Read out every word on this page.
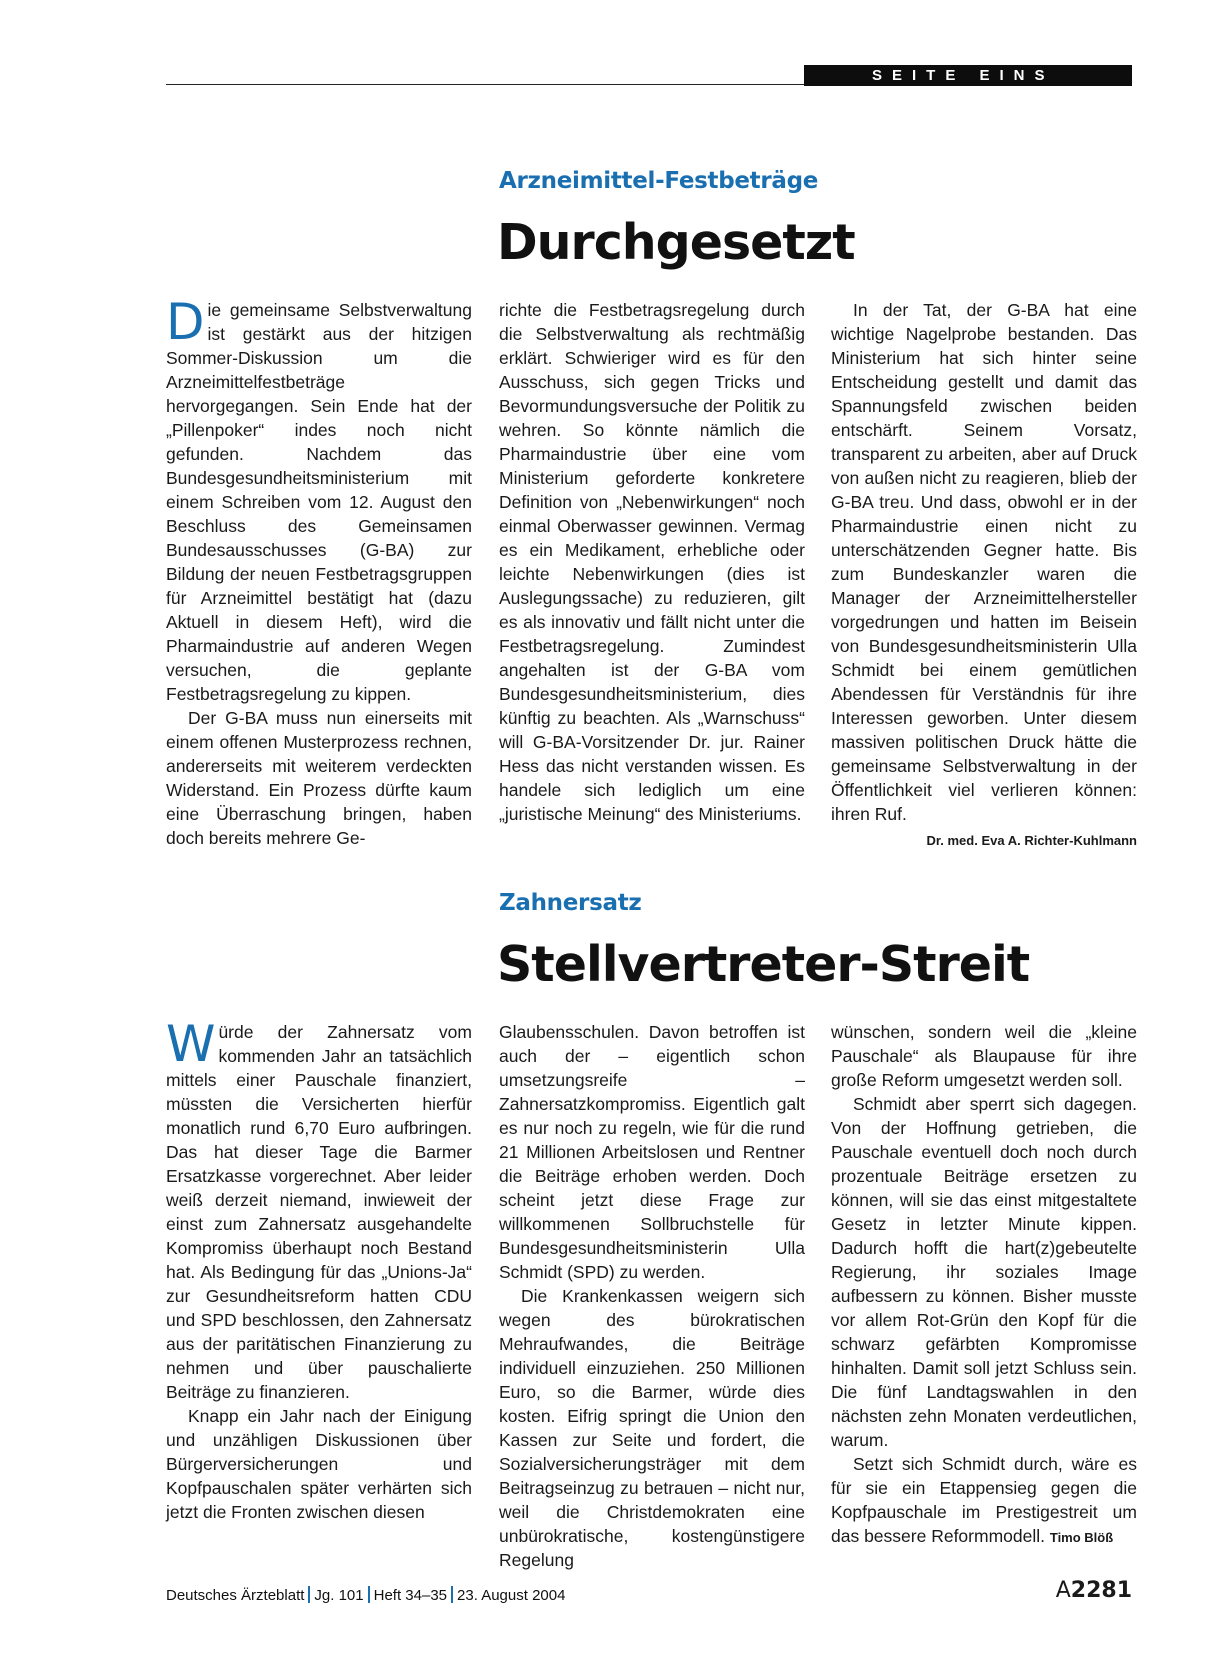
SEITE EINS
Arzneimittel-Festbeträge
Durchgesetzt

Die gemeinsame Selbstverwaltung ist gestärkt aus der hitzigen Sommer-Diskussion um die Arzneimittelfestbeträge hervorgegangen. Sein Ende hat der „Pillenpoker“ indes noch nicht gefunden. Nachdem das Bundesgesundheitsministerium mit einem Schreiben vom 12. August den Beschluss des Gemeinsamen Bundesausschusses (G-BA) zur Bildung der neuen Festbetragsgruppen für Arzneimittel bestätigt hat (dazu Aktuell in diesem Heft), wird die Pharmaindustrie auf anderen Wegen versuchen, die geplante Festbetragsregelung zu kippen.

Der G-BA muss nun einerseits mit einem offenen Musterprozess rechnen, andererseits mit weiterem verdeckten Widerstand. Ein Prozess dürfte kaum eine Überraschung bringen, haben doch bereits mehrere Ge-

richte die Festbetragsregelung durch die Selbstverwaltung als rechtmäßig erklärt. Schwieriger wird es für den Ausschuss, sich gegen Tricks und Bevormundungsversuche der Politik zu wehren. So könnte nämlich die Pharmaindustrie über eine vom Ministerium geforderte konkretere Definition von „Nebenwirkungen“ noch einmal Oberwasser gewinnen. Vermag es ein Medikament, erhebliche oder leichte Nebenwirkungen (dies ist Auslegungssache) zu reduzieren, gilt es als innovativ und fällt nicht unter die Festbetragsregelung. Zumindest angehalten ist der G-BA vom Bundesgesundheitsministerium, dies künftig zu beachten. Als „Warnschuss“ will G-BA-Vorsitzender Dr. jur. Rainer Hess das nicht verstanden wissen. Es handele sich lediglich um eine „juristische Meinung“ des Ministeriums.

In der Tat, der G-BA hat eine wichtige Nagelprobe bestanden. Das Ministerium hat sich hinter seine Entscheidung gestellt und damit das Spannungsfeld zwischen beiden entschärft. Seinem Vorsatz, transparent zu arbeiten, aber auf Druck von außen nicht zu reagieren, blieb der G-BA treu. Und dass, obwohl er in der Pharmaindustrie einen nicht zu unterschätzenden Gegner hatte. Bis zum Bundeskanzler waren die Manager der Arzneimittelhersteller vorgedrungen und hatten im Beisein von Bundesgesundheitsministerin Ulla Schmidt bei einem gemütlichen Abendessen für Verständnis für ihre Interessen geworben. Unter diesem massiven politischen Druck hätte die gemeinsame Selbstverwaltung in der Öffentlichkeit viel verlieren können: ihren Ruf.
Dr. med. Eva A. Richter-Kuhlmann

Zahnersatz
Stellvertreter-Streit

Würde der Zahnersatz vom kommenden Jahr an tatsächlich mittels einer Pauschale finanziert, müssten die Versicherten hierfür monatlich rund 6,70 Euro aufbringen. Das hat dieser Tage die Barmer Ersatzkasse vorgerechnet. Aber leider weiß derzeit niemand, inwieweit der einst zum Zahnersatz ausgehandelte Kompromiss überhaupt noch Bestand hat. Als Bedingung für das „Unions-Ja“ zur Gesundheitsreform hatten CDU und SPD beschlossen, den Zahnersatz aus der paritätischen Finanzierung zu nehmen und über pauschalierte Beiträge zu finanzieren.

Knapp ein Jahr nach der Einigung und unzähligen Diskussionen über Bürgerversicherungen und Kopfpauschalen später verhärten sich jetzt die Fronten zwischen diesen

Glaubensschulen. Davon betroffen ist auch der – eigentlich schon umsetzungsreife – Zahnersatzkompromiss. Eigentlich galt es nur noch zu regeln, wie für die rund 21 Millionen Arbeitslosen und Rentner die Beiträge erhoben werden. Doch scheint jetzt diese Frage zur willkommenen Sollbruchstelle für Bundesgesundheitsministerin Ulla Schmidt (SPD) zu werden.

Die Krankenkassen weigern sich wegen des bürokratischen Mehraufwandes, die Beiträge individuell einzuziehen. 250 Millionen Euro, so die Barmer, würde dies kosten. Eifrig springt die Union den Kassen zur Seite und fordert, die Sozialversicherungsträger mit dem Beitragseinzug zu betrauen – nicht nur, weil die Christdemokraten eine unbürokratische, kostengünstigere Regelung

wünschen, sondern weil die „kleine Pauschale“ als Blaupause für ihre große Reform umgesetzt werden soll.

Schmidt aber sperrt sich dagegen. Von der Hoffnung getrieben, die Pauschale eventuell doch noch durch prozentuale Beiträge ersetzen zu können, will sie das einst mitgestaltete Gesetz in letzter Minute kippen. Dadurch hofft die hart(z)gebeutelte Regierung, ihr soziales Image aufbessern zu können. Bisher musste vor allem Rot-Grün den Kopf für die schwarz gefärbten Kompromisse hinhalten. Damit soll jetzt Schluss sein. Die fünf Landtagswahlen in den nächsten zehn Monaten verdeutlichen, warum.

Setzt sich Schmidt durch, wäre es für sie ein Etappensieg gegen die Kopfpauschale im Prestigestreit um das bessere Reformmodell. Timo Blöß

Deutsches Ärzteblatt Jg. 101 Heft 34–35 23. August 2004	A2281
